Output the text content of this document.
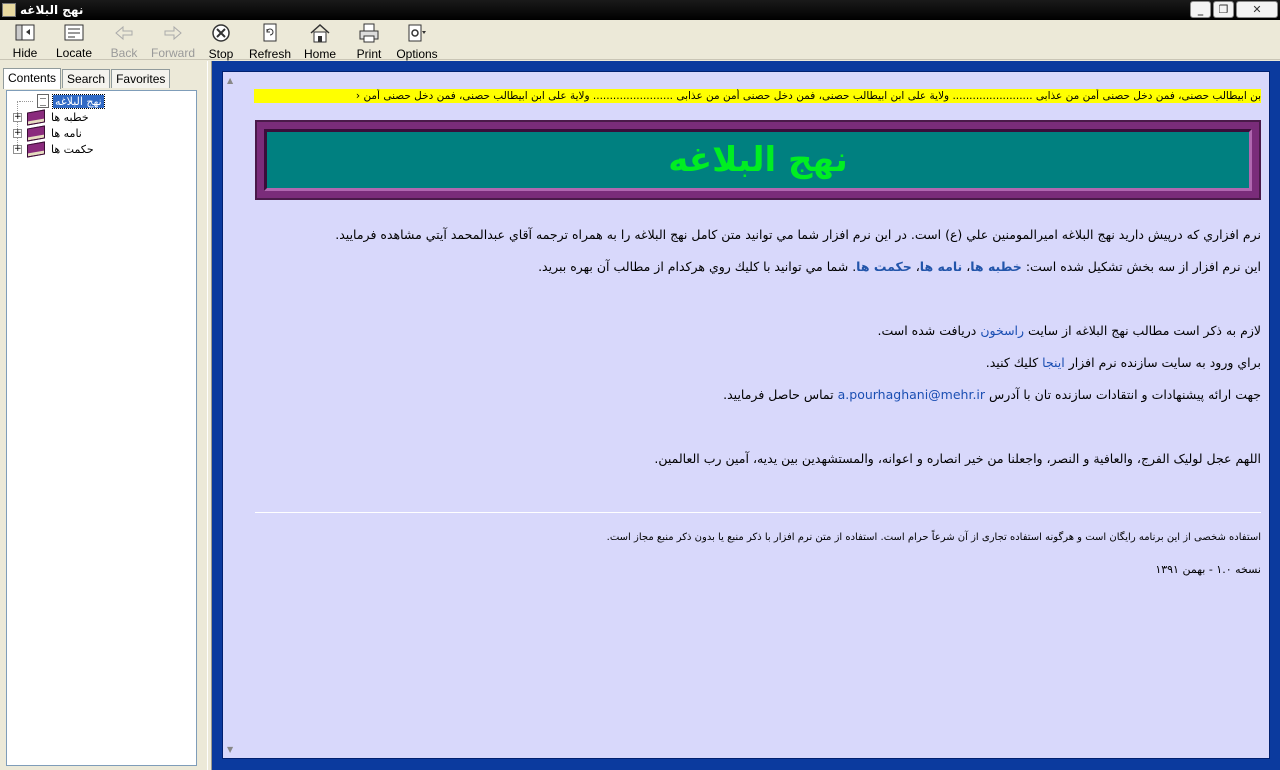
نهج البلاغه	_	❐	✕
Hide Locate Back Forward Stop Refresh Home Print Options
Contents Search Favorites
نهج البلاغه
+	خطبه ها
+	نامه ها
+	حکمت ها
▲
▼
بن ابیطالب حصنی، فمن دخل حصنی أمن من عذابی ........................ ولایة علی ابن ابیطالب حصنی، فمن دخل حصنی أمن من عذابی ........................ ولایة علی ابن ابیطالب حصنی، فمن دخل حصنی أمن ‹
نهج البلاغه
نرم افزاري كه درپيش داريد نهج البلاغه اميرالمومنين علي (ع) است. در اين نرم افزار شما مي توانيد متن كامل نهج البلاغه را به همراه ترجمه آقاي عبدالمحمد آيتي مشاهده فرماييد.
اين نرم افزار از سه بخش تشكيل شده است: خطبه ها، نامه ها، حكمت ها. شما مي توانيد با كليك روي هركدام از مطالب آن بهره ببريد.
لازم به ذکر است مطالب نهج البلاغه از سایت راسخون دریافت شده است.
براي ورود به سايت سازنده نرم افزار اينجا كليك كنيد.
جهت ارائه پيشنهادات و انتقادات سازنده تان با آدرس a.pourhaghani@mehr.ir تماس حاصل فرماييد.
اللهم عجل لوليک الفرج، والعافية و النصر، واجعلنا من خير انصاره و اعوانه، والمستشهدين بين يديه، آمين رب العالمين.
استفاده شخصی از این برنامه رایگان است و هرگونه استفاده تجاری از آن شرعاً حرام است. استفاده از متن نرم افزار با ذکر منبع یا بدون ذکر منبع مجاز است.
نسخه ۱.۰ - بهمن ۱۳۹۱
